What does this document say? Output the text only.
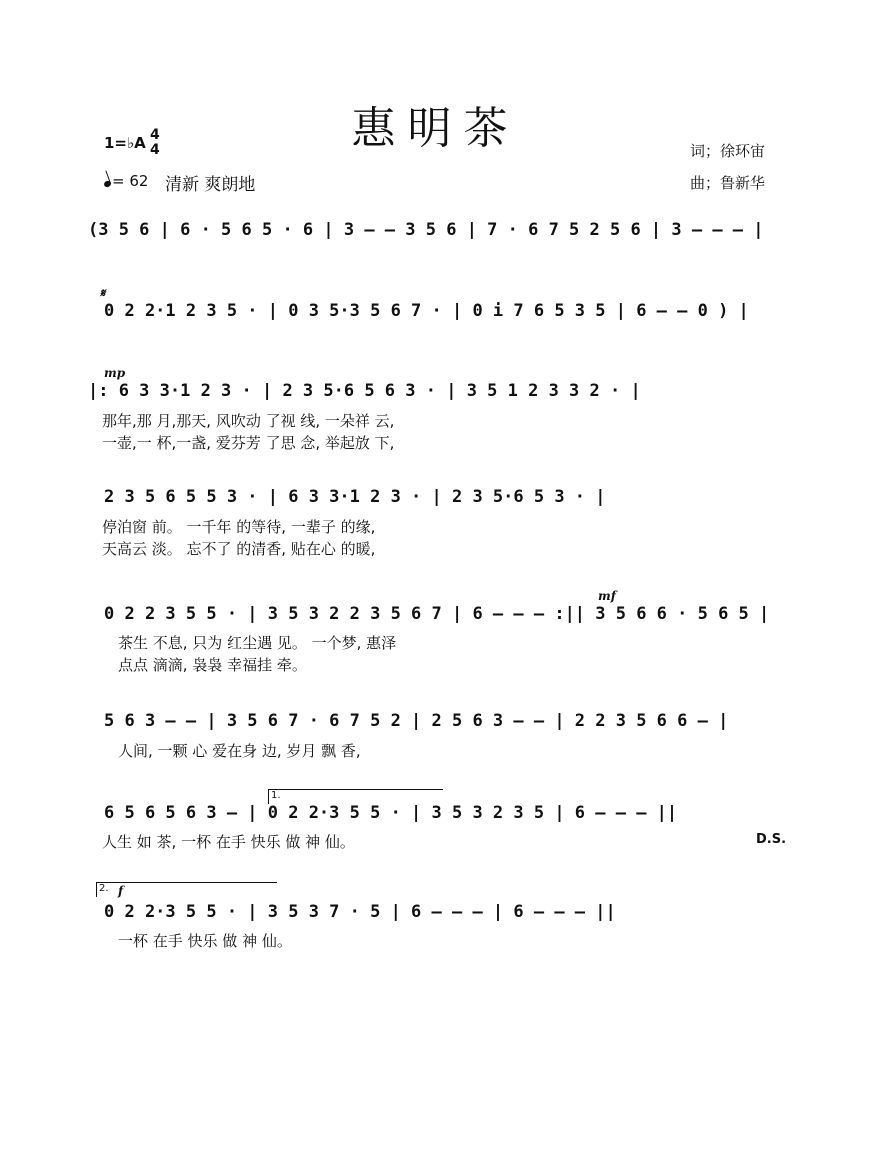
惠明茶
1=♭A 4
4
= 62 清新 爽朗地
词；徐环宙
曲；鲁新华
(3 5 6 | 6 · 5 6 5 · 6 | 3 – – 3 5 6 | 7 · 6 7 5 2 5 6 | 3 – – – |
𝄋
0 2 2·1 2 3 5 · | 0 3 5·3 5 6 7 · | 0 i 7 6 5 3 5 | 6 – – 0 ) |
mp
|: 6 3 3·1 2 3 · | 2 3 5·6 5 6 3 · | 3 5 1 2 3 3 2 · |
那年,那 月,那天, 风吹动 了视 线, 一朵祥 云,
一壶,一 杯,一盏, 爱芬芳 了思 念, 举起放 下,
2 3 5 6 5 5 3 · | 6 3 3·1 2 3 · | 2 3 5·6 5 3 · |
停泊窗 前。 一千年 的等待, 一辈子 的缘,
天高云 淡。 忘不了 的清香, 贴在心 的暖,
mf
0 2 2 3 5 5 · | 3 5 3 2 2 3 5 6 7 | 6 – – – :|| 3 5 6 6 · 5 6 5 |
茶生 不息, 只为 红尘遇 见。 一个梦, 惠泽
点点 滴滴, 袅袅 幸福挂 牵。
5 6 3 – – | 3 5 6 7 · 6 7 5 2 | 2 5 6 3 – – | 2 2 3 5 6 6 – |
人间, 一颗 心 爱在身 边, 岁月 飘 香,
1.
6 5 6 5 6 3 – | 0 2 2·3 5 5 · | 3 5 3 2 3 5 | 6 – – – ||
人生 如 茶, 一杯 在手 快乐 做 神 仙。	D.S.
2. f
0 2 2·3 5 5 · | 3 5 3 7 · 5 | 6 – – – | 6 – – – ||
一杯 在手 快乐 做 神 仙。
